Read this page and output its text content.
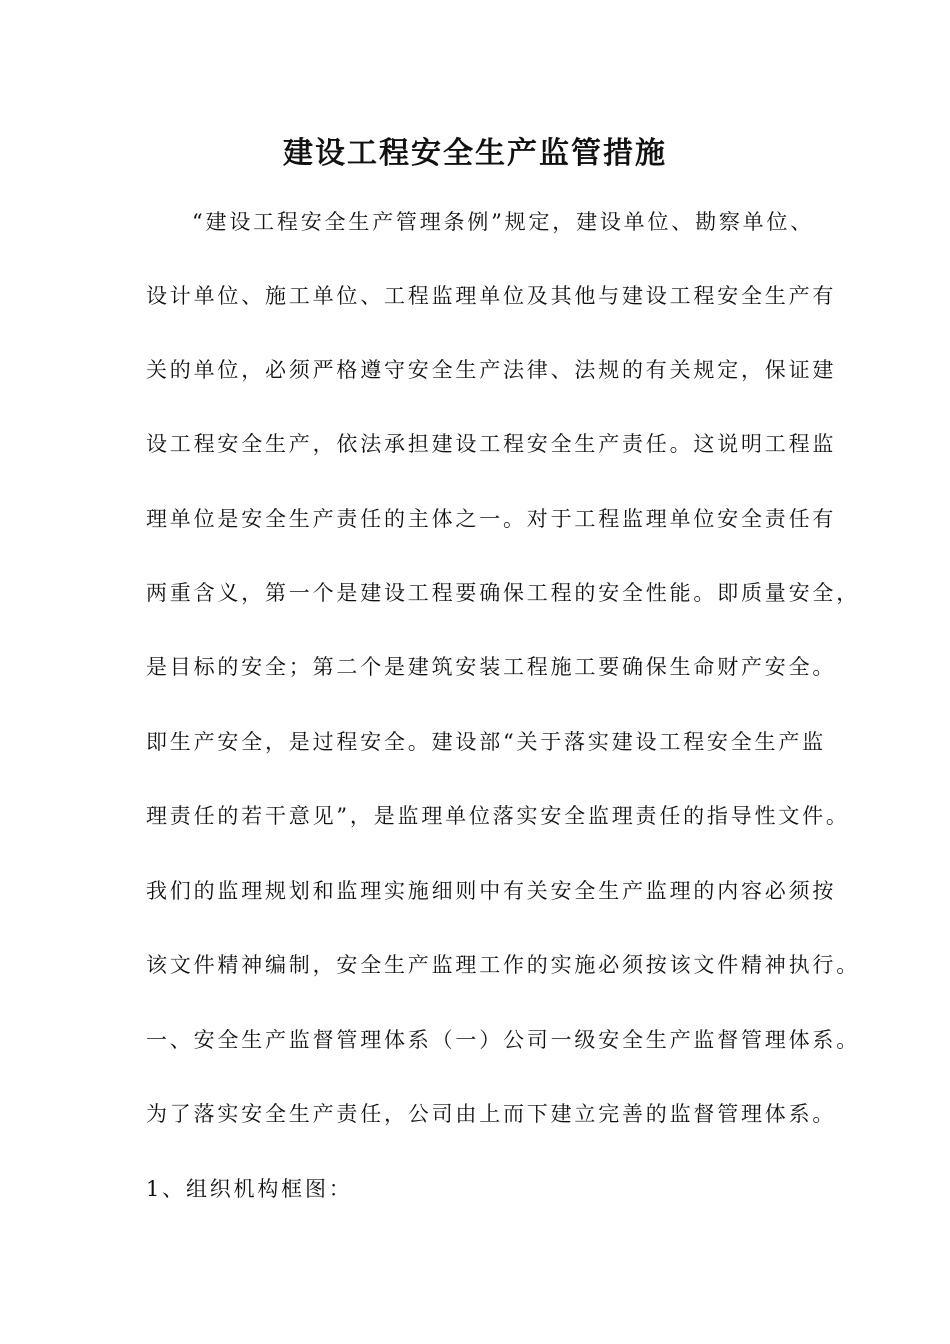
建设工程安全生产监管措施
“建设工程安全生产管理条例”规定，建设单位、勘察单位、
设计单位、施工单位、工程监理单位及其他与建设工程安全生产有
关的单位，必须严格遵守安全生产法律、法规的有关规定，保证建
设工程安全生产，依法承担建设工程安全生产责任。这说明工程监
理单位是安全生产责任的主体之一。对于工程监理单位安全责任有
两重含义，第一个是建设工程要确保工程的安全性能。即质量安全，
是目标的安全；第二个是建筑安装工程施工要确保生命财产安全。
即生产安全，是过程安全。建设部“关于落实建设工程安全生产监
理责任的若干意见”，是监理单位落实安全监理责任的指导性文件。
我们的监理规划和监理实施细则中有关安全生产监理的内容必须按
该文件精神编制，安全生产监理工作的实施必须按该文件精神执行。
一、安全生产监督管理体系（一）公司一级安全生产监督管理体系。
为了落实安全生产责任，公司由上而下建立完善的监督管理体系。
1、组织机构框图：
